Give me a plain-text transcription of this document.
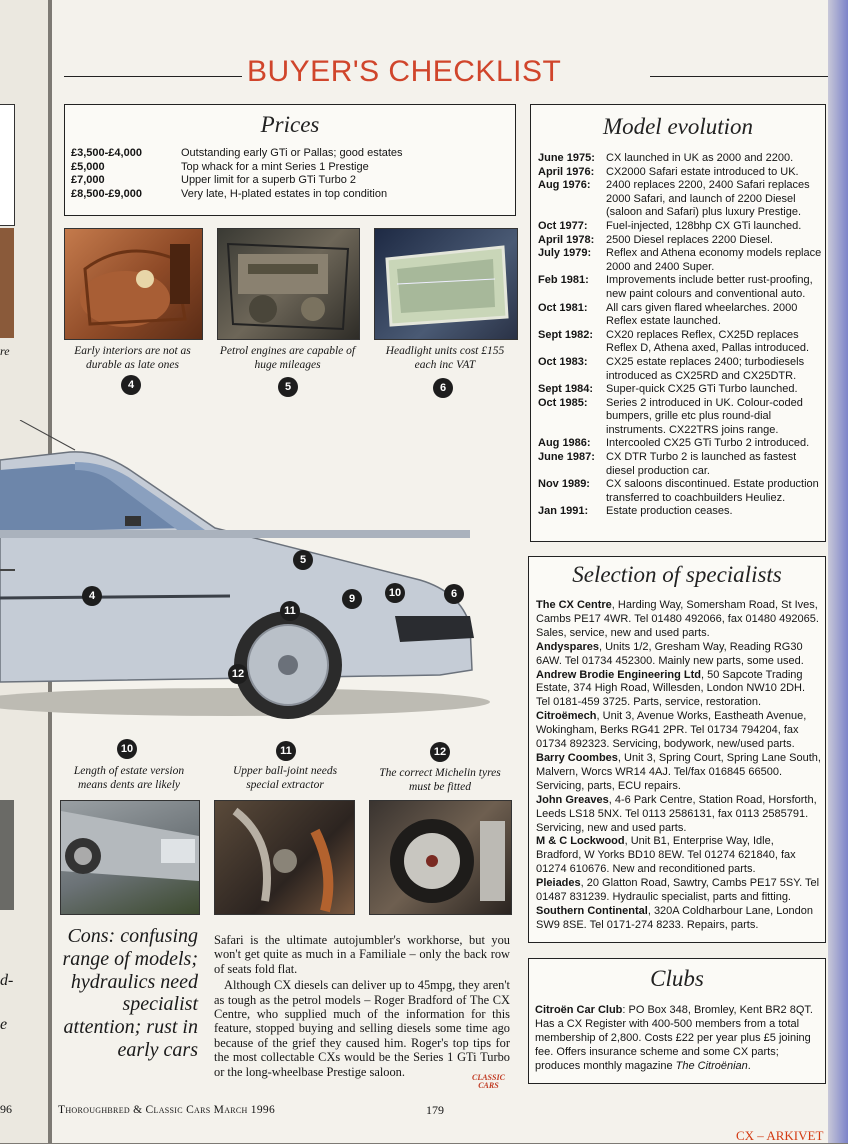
re
d-
e
96
BUYER'S CHECKLIST
Prices
£3,500-£4,000	Outstanding early GTi or Pallas; good estates
£5,000	Top whack for a mint Series 1 Prestige
£7,000	Upper limit for a superb GTi Turbo 2
£8,500-£9,000	Very late, H-plated estates in top condition
Early interiors are not as durable as late ones
Petrol engines are capable of huge mileages
Headlight units cost £155 each inc VAT
4	5	6
5
4	9	10	6
11
12
10	11	12
Length of estate version means dents are likely
Upper ball-joint needs special extractor
The correct Michelin tyres must be fitted
Cons: confusing range of models; hydraulics need specialist attention; rust in early cars

Safari is the ultimate autojumbler's workhorse, but you won't get quite as much in a Familiale – only the back row of seats fold flat.

Although CX diesels can deliver up to 45mpg, they aren't as tough as the petrol models – Roger Bradford of The CX Centre, who supplied much of the information for this feature, stopped buying and selling diesels some time ago because of the grief they caused him. Roger's top tips for the most collectable CXs would be the Series 1 GTi Turbo or the long-wheelbase Prestige saloon.	CLASSIC
CARS
Model evolution
June 1975:	CX launched in UK as 2000 and 2200.
April 1976:	CX2000 Safari estate introduced to UK.
Aug 1976:	2400 replaces 2200, 2400 Safari replaces 2000 Safari, and launch of 2200 Diesel (saloon and Safari) plus luxury Prestige.
Oct 1977:	Fuel-injected, 128bhp CX GTi launched.
April 1978:	2500 Diesel replaces 2200 Diesel.
July 1979:	Reflex and Athena economy models replace 2000 and 2400 Super.
Feb 1981:	Improvements include better rust-proofing, new paint colours and conventional auto.
Oct 1981:	All cars given flared wheelarches. 2000 Reflex estate launched.
Sept 1982:	CX20 replaces Reflex, CX25D replaces Reflex D, Athena axed, Pallas introduced.
Oct 1983:	CX25 estate replaces 2400; turbodiesels introduced as CX25RD and CX25DTR.
Sept 1984:	Super-quick CX25 GTi Turbo launched.
Oct 1985:	Series 2 introduced in UK. Colour-coded bumpers, grille etc plus round-dial instruments. CX22TRS joins range.
Aug 1986:	Intercooled CX25 GTi Turbo 2 introduced.
June 1987:	CX DTR Turbo 2 is launched as fastest diesel production car.
Nov 1989:	CX saloons discontinued. Estate production transferred to coachbuilders Heuliez.
Jan 1991:	Estate production ceases.
Selection of specialists
The CX Centre, Harding Way, Somersham Road, St Ives, Cambs PE17 4WR. Tel 01480 492066, fax 01480 492065. Sales, service, new and used parts.
Andyspares, Units 1/2, Gresham Way, Reading RG30 6AW. Tel 01734 452300. Mainly new parts, some used.
Andrew Brodie Engineering Ltd, 50 Sapcote Trading Estate, 374 High Road, Willesden, London NW10 2DH. Tel 0181-459 3725. Parts, service, restoration.
Citroëmech, Unit 3, Avenue Works, Eastheath Avenue, Wokingham, Berks RG41 2PR. Tel 01734 794204, fax 01734 892323. Servicing, bodywork, new/used parts.
Barry Coombes, Unit 3, Spring Court, Spring Lane South, Malvern, Worcs WR14 4AJ. Tel/fax 016845 66500. Servicing, parts, ECU repairs.
John Greaves, 4-6 Park Centre, Station Road, Horsforth, Leeds LS18 5NX. Tel 0113 2586131, fax 0113 2585791. Servicing, new and used parts.
M & C Lockwood, Unit B1, Enterprise Way, Idle, Bradford, W Yorks BD10 8EW. Tel 01274 621840, fax 01274 610676. New and reconditioned parts.
Pleiades, 20 Glatton Road, Sawtry, Cambs PE17 5SY. Tel 01487 831239. Hydraulic specialist, parts and fitting.
Southern Continental, 320A Coldharbour Lane, London SW9 8SE. Tel 0171-274 8233. Repairs, parts.
Clubs
Citroën Car Club: PO Box 348, Bromley, Kent BR2 8QT. Has a CX Register with 400-500 members from a total membership of 2,800. Costs £22 per year plus £5 joining fee. Offers insurance scheme and some CX parts; produces monthly magazine The Citroënian.
Thoroughbred & Classic Cars March 1996	179
CX – ARKIVET
